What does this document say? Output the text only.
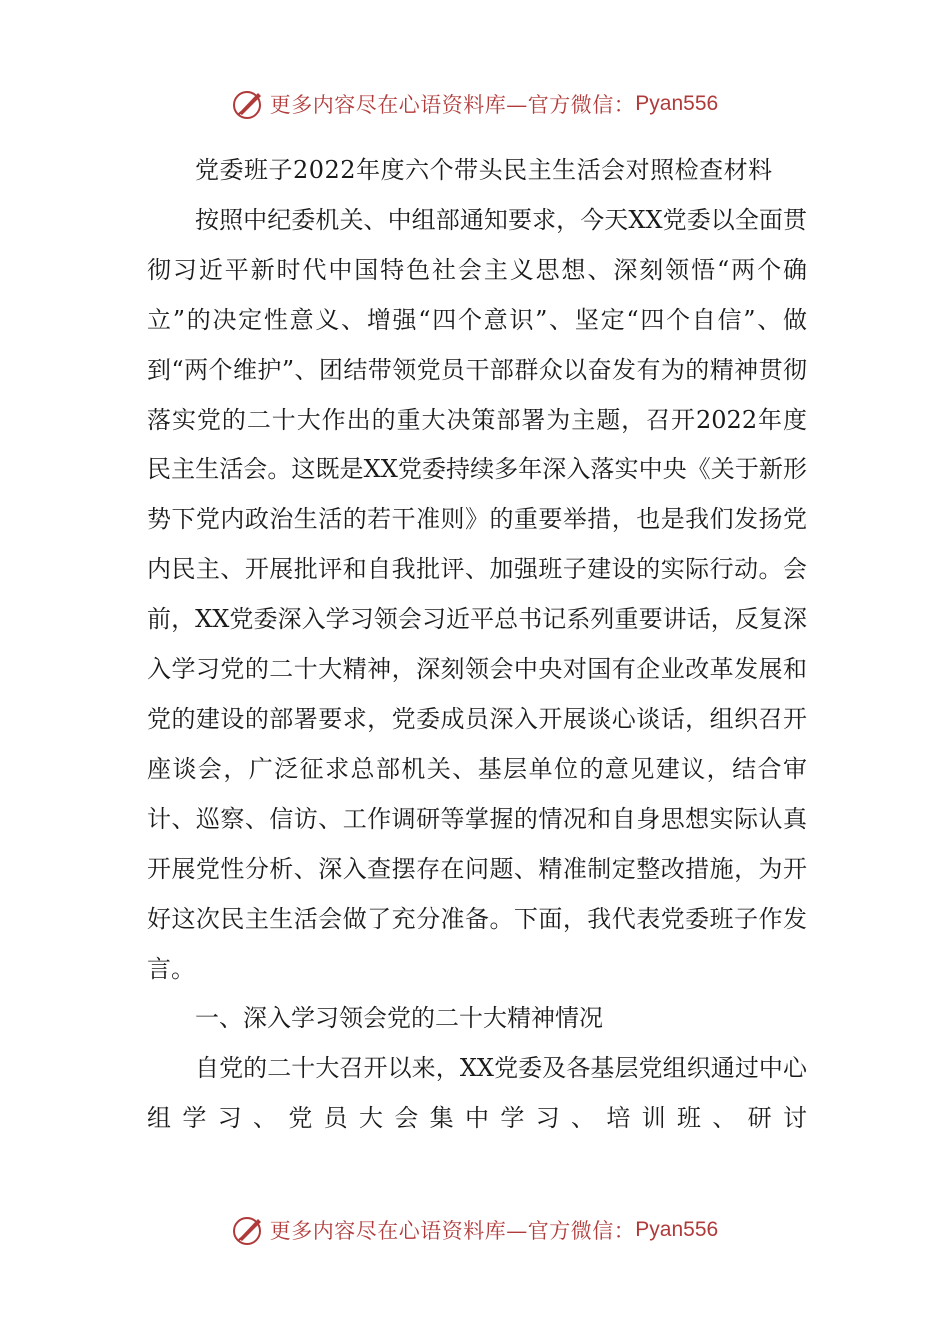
更多内容尽在心语资料库—官方微信： Pyan556

党委班子2022年度六个带头民主生活会对照检查材料

按照中纪委机关、中组部通知要求，今天XX党委以全面贯彻习近平新时代中国特色社会主义思想、深刻领悟“两个确立”的决定性意义、增强“四个意识”、坚定“四个自信”、做到“两个维护”、团结带领党员干部群众以奋发有为的精神贯彻落实党的二十大作出的重大决策部署为主题，召开2022年度民主生活会。这既是XX党委持续多年深入落实中央《关于新形势下党内政治生活的若干准则》的重要举措，也是我们发扬党内民主、开展批评和自我批评、加强班子建设的实际行动。会前，XX党委深入学习领会习近平总书记系列重要讲话，反复深入学习党的二十大精神，深刻领会中央对国有企业改革发展和党的建设的部署要求，党委成员深入开展谈心谈话，组织召开座谈会，广泛征求总部机关、基层单位的意见建议，结合审计、巡察、信访、工作调研等掌握的情况和自身思想实际认真开展党性分析、深入查摆存在问题、精准制定整改措施，为开好这次民主生活会做了充分准备。下面，我代表党委班子作发言。

一、深入学习领会党的二十大精神情况

自党的二十大召开以来，XX党委及各基层党组织通过中心组学习、党员大会集中学习、培训班、研讨

更多内容尽在心语资料库—官方微信： Pyan556
